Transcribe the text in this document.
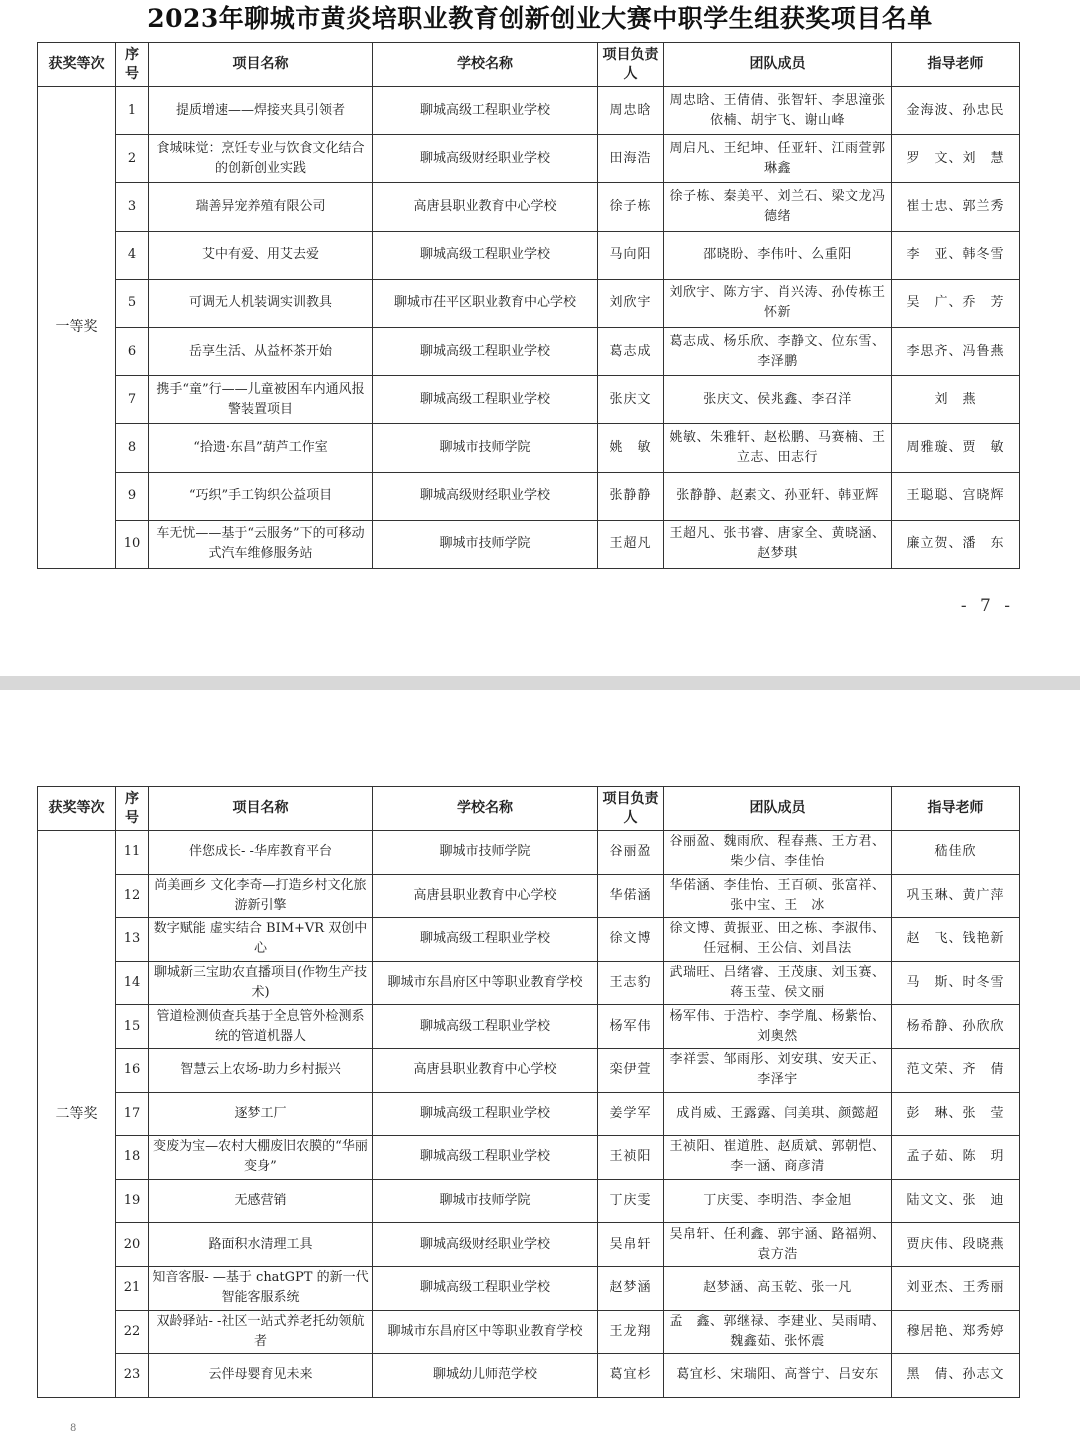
2023年聊城市黄炎培职业教育创新创业大赛中职学生组获奖项目名单
获奖等次	序号	项目名称	学校名称	项目负责人	团队成员	指导老师
一等奖	1	提质增速——焊接夹具引领者	聊城高级工程职业学校	周忠晗	周忠晗、王倩倩、张智轩、李思潼张依楠、胡宇飞、谢山峰	金海波、孙忠民
	2	食城味觉：烹饪专业与饮食文化结合的创新创业实践	聊城高级财经职业学校	田海浩	周启凡、王纪坤、任亚轩、江雨萱郭琳鑫	罗　文、刘　慧
	3	瑞善异宠养殖有限公司	高唐县职业教育中心学校	徐子栋	徐子栋、秦美平、刘兰石、梁文龙冯德绪	崔士忠、郭兰秀
	4	艾中有爱、用艾去爱	聊城高级工程职业学校	马向阳	邵晓盼、李伟叶、么重阳	李　亚、韩冬雪
	5	可调无人机装调实训教具	聊城市茌平区职业教育中心学校	刘欣宇	刘欣宇、陈方宇、肖兴涛、孙传栋王怀新	吴　广、乔　芳
	6	岳享生活、从益杯茶开始	聊城高级工程职业学校	葛志成	葛志成、杨乐欣、李静文、位东雪、李泽鹏	李思齐、冯鲁燕
	7	携手“童”行——儿童被困车内通风报警装置项目	聊城高级工程职业学校	张庆文	张庆文、侯兆鑫、李召洋	刘　燕
	8	“拾遗·东昌”葫芦工作室	聊城市技师学院	姚　敏	姚敏、朱雅轩、赵松鹏、马赛楠、王立志、田志行	周雅璇、贾　敏
	9	“巧织”手工钩织公益项目	聊城高级财经职业学校	张静静	张静静、赵素文、孙亚轩、韩亚辉	王聪聪、宫晓辉
	10	车无忧——基于“云服务”下的可移动式汽车维修服务站	聊城市技师学院	王超凡	王超凡、张书睿、唐家全、黄晓涵、赵梦琪	廉立贺、潘　东
- 7 -
获奖等次	序号	项目名称	学校名称	项目负责人	团队成员	指导老师
二等奖	11	伴您成长- -华库教育平台	聊城市技师学院	谷丽盈	谷丽盈、魏雨欣、程春燕、王方君、柴少信、李佳怡	嵇佳欣
	12	尚美画乡 文化李奇—打造乡村文化旅游新引擎	高唐县职业教育中心学校	华偌涵	华偌涵、李佳怡、王百硕、张富祥、张中宝、王　冰	巩玉琳、黄广萍
	13	数字赋能 虚实结合 BIM+VR 双创中心	聊城高级工程职业学校	徐文博	徐文博、黄振亚、田之栋、李淑伟、任冠桐、王公信、刘昌法	赵　飞、钱艳新
	14	聊城新三宝助农直播项目(作物生产技术)	聊城市东昌府区中等职业教育学校	王志豹	武瑞旺、吕绪睿、王茂康、刘玉赛、蒋玉莹、侯文丽	马　斯、时冬雪
	15	管道检测侦查兵基于全息管外检测系统的管道机器人	聊城高级工程职业学校	杨军伟	杨军伟、于浩柠、李学胤、杨紫怡、刘奥然	杨希静、孙欣欣
	16	智慧云上农场-助力乡村振兴	高唐县职业教育中心学校	栾伊萱	李祥雲、邹雨彤、刘安琪、安天正、李泽宇	范文荣、齐　倩
	17	逐梦工厂	聊城高级工程职业学校	姜学军	成肖威、王露露、闫美琪、颜懿超	彭　琳、张　莹
	18	变废为宝—农村大棚废旧农膜的“华丽变身”	聊城高级工程职业学校	王祯阳	王祯阳、崔道胜、赵质斌、郭朝恺、李一涵、商彦清	孟子茹、陈　玥
	19	无感营销	聊城市技师学院	丁庆雯	丁庆雯、李明浩、李金旭	陆文文、张　迪
	20	路面积水清理工具	聊城高级财经职业学校	吴帛轩	吴帛轩、任利鑫、郭宇涵、路福朔、袁方浩	贾庆伟、段晓燕
	21	知音客服- —基于 chatGPT 的新一代智能客服系统	聊城高级工程职业学校	赵梦涵	赵梦涵、高玉乾、张一凡	刘亚杰、王秀丽
	22	双龄驿站- -社区一站式养老托幼领航者	聊城市东昌府区中等职业教育学校	王龙翔	孟　鑫、郭继禄、李建业、吴雨晴、魏鑫茹、张怀震	穆居艳、郑秀婷
	23	云伴母婴育见未来	聊城幼儿师范学校	葛宜杉	葛宜杉、宋瑞阳、高誉宁、吕安东	黑　倩、孙志文
8
